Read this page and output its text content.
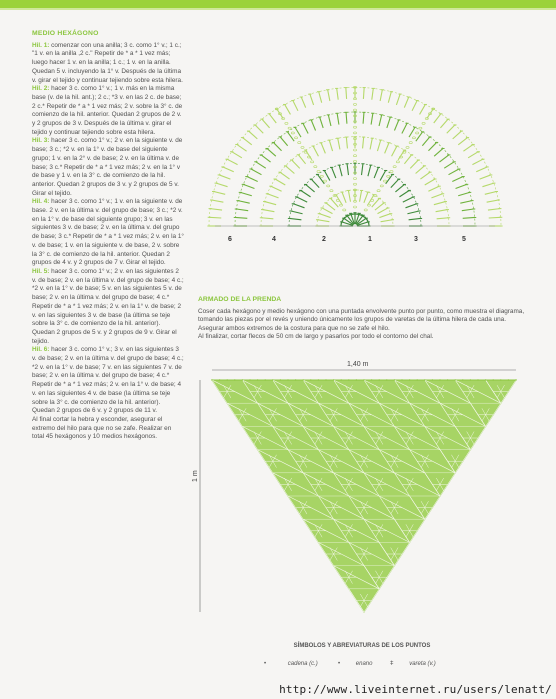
MEDIO HEXÁGONO

Hil. 1: comenzar con una anilla; 3 c. como 1° v.; 1 c.; "1 v. en la anilla ,2 c." Repetir de * a * 1 vez más; luego hacer 1 v. en la anilla; 1 c.; 1 v. en la anilla. Quedan 5 v. incluyendo la 1° v. Después de la última v. girar el tejido y continuar tejiendo sobre esta hilera.

Hil. 2: hacer 3 c. como 1° v.; 1 v. más en la misma base (v. de la hil. ant.); 2 c.; *3 v. en las 2 c. de base; 2 c.* Repetir de * a * 1 vez más; 2 v. sobre la 3° c. de comienzo de la hil. anterior. Quedan 2 grupos de 2 v. y 2 grupos de 3 v. Después de la última v. girar el tejido y continuar tejiendo sobre esta hilera.

Hil. 3: hacer 3 c. como 1° v.; 2 v. en la siguiente v. de base; 3 c.; *2 v. en la 1° v. de base del siguiente grupo; 1 v. en la 2° v. de base; 2 v. en la última v. de base; 3 c.* Repetir de * a * 1 vez más; 2 v. en la 1° v de base y 1 v. en la 3° c. de comienzo de la hil. anterior. Quedan 2 grupos de 3 v. y 2 grupos de 5 v. Girar el tejido.

Hil. 4: hacer 3 c. como 1° v.; 1 v. en la siguiente v. de base. 2 v. en la última v. del grupo de base; 3 c.; *2 v. en la 1° v. de base del siguiente grupo; 3 v. en las siguientes 3 v. de base; 2 v. en la última v. del grupo de base; 3 c.* Repetir de * a * 1 vez más; 2 v. en la 1° v. de base; 1 v. en la siguiente v. de base, 2 v. sobre la 3° c. de comienzo de la hil. anterior. Quedan 2 grupos de 4 v. y 2 grupos de 7 v. Girar el tejido.

Hil. 5: hacer 3 c. como 1° v.; 2 v. en las siguientes 2 v. de base; 2 v. en la última v. del grupo de base; 4 c.; *2 v. en la 1° v. de base; 5 v. en las siguientes 5 v. de base; 2 v. en la última v. del grupo de base; 4 c.* Repetir de * a * 1 vez más; 2 v. en la 1° v. de base; 2 v. en las siguientes 3 v. de base (la última se teje sobre la 3° c. de comienzo de la hil. anterior). Quedan 2 grupos de 5 v. y 2 grupos de 9 v. Girar el tejido.

Hil. 6: hacer 3 c. como 1° v.; 3 v. en las siguientes 3 v. de base; 2 v. en la última v. del grupo de base; 4 c.; *2 v. en la 1° v. de base; 7 v. en las siguientes 7 v. de base; 2 v. en la última v. del grupo de base; 4 c.* Repetir de * a * 1 vez más; 2 v. en la 1° v. de base; 4 v. en las siguientes 4 v. de base (la última se teje sobre la 3° c. de comienzo de la hil. anterior). Quedan 2 grupos de 6 v. y 2 grupos de 11 v.

Al final cortar la hebra y esconder, asegurar el extremo del hilo para que no se zafe. Realizar en total 45 hexágonos y 10 medios hexágonos.

6	4	2	1	3	5
ARMADO DE LA PRENDA

Coser cada hexágono y medio hexágono con una puntada envolvente punto por punto, como muestra el diagrama, tomando las piezas por el revés y uniendo únicamente los grupos de varetas de la última hilera de cada una. Asegurar ambos extremos de la costura para que no se zafe el hilo.

Al finalizar, cortar flecos de 50 cm de largo y pasarlos por todo el contorno del chal.

1,40 m
1 m
SÍMBOLOS Y ABREVIATURAS DE LOS PUNTOS
•	cadena (c.)	•	enano	ǂ	vareta (v.)
http://www.liveinternet.ru/users/lenatt/
